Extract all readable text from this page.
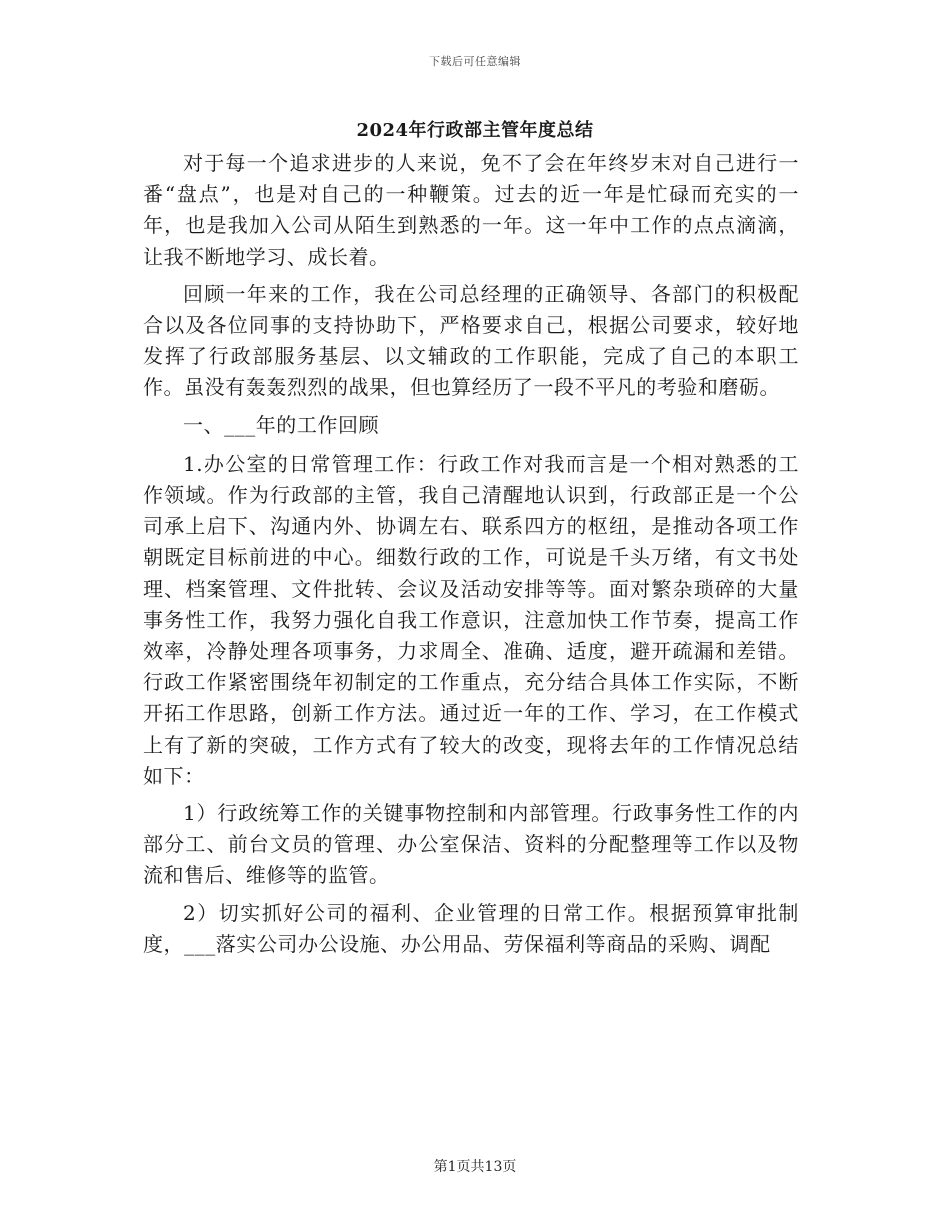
下载后可任意编辑
2024年行政部主管年度总结

对于每一个追求进步的人来说，免不了会在年终岁末对自己进行一番“盘点”，也是对自己的一种鞭策。过去的近一年是忙碌而充实的一年，也是我加入公司从陌生到熟悉的一年。这一年中工作的点点滴滴，让我不断地学习、成长着。

回顾一年来的工作，我在公司总经理的正确领导、各部门的积极配合以及各位同事的支持协助下，严格要求自己，根据公司要求，较好地发挥了行政部服务基层、以文辅政的工作职能，完成了自己的本职工作。虽没有轰轰烈烈的战果，但也算经历了一段不平凡的考验和磨砺。

一、___年的工作回顾

1.办公室的日常管理工作：行政工作对我而言是一个相对熟悉的工作领域。作为行政部的主管，我自己清醒地认识到，行政部正是一个公司承上启下、沟通内外、协调左右、联系四方的枢纽，是推动各项工作朝既定目标前进的中心。细数行政的工作，可说是千头万绪，有文书处理、档案管理、文件批转、会议及活动安排等等。面对繁杂琐碎的大量事务性工作，我努力强化自我工作意识，注意加快工作节奏，提高工作效率，冷静处理各项事务，力求周全、准确、适度，避开疏漏和差错。行政工作紧密围绕年初制定的工作重点，充分结合具体工作实际，不断开拓工作思路，创新工作方法。通过近一年的工作、学习，在工作模式上有了新的突破，工作方式有了较大的改变，现将去年的工作情况总结如下：

1）行政统筹工作的关键事物控制和内部管理。行政事务性工作的内部分工、前台文员的管理、办公室保洁、资料的分配整理等工作以及物流和售后、维修等的监管。

2）切实抓好公司的福利、企业管理的日常工作。根据预算审批制度，___落实公司办公设施、办公用品、劳保福利等商品的采购、调配

第1页共13页
